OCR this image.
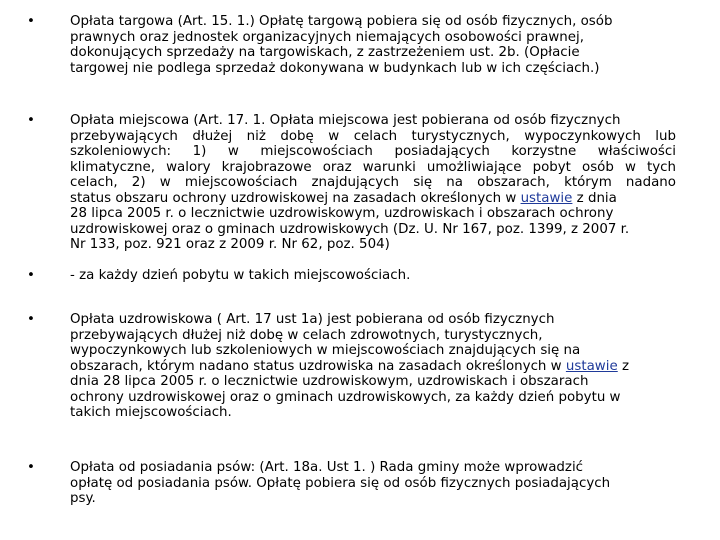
•	Opłata targowa (Art. 15. 1.) Opłatę targową pobiera się od osób fizycznych, osób
prawnych oraz jednostek organizacyjnych niemających osobowości prawnej,
dokonujących sprzedaży na targowiskach, z zastrzeżeniem ust. 2b. (Opłacie
targowej nie podlega sprzedaż dokonywana w budynkach lub w ich częściach.)
•	Opłata miejscowa (Art. 17. 1. Opłata miejscowa jest pobierana od osób fizycznych
przebywających dłużej niż dobę w celach turystycznych, wypoczynkowych lub
szkoleniowych: 1) w miejscowościach posiadających korzystne właściwości
klimatyczne, walory krajobrazowe oraz warunki umożliwiające pobyt osób w tych
celach, 2) w miejscowościach znajdujących się na obszarach, którym nadano
status obszaru ochrony uzdrowiskowej na zasadach określonych w ustawie z dnia
28 lipca 2005 r. o lecznictwie uzdrowiskowym, uzdrowiskach i obszarach ochrony
uzdrowiskowej oraz o gminach uzdrowiskowych (Dz. U. Nr 167, poz. 1399, z 2007 r.
Nr 133, poz. 921 oraz z 2009 r. Nr 62, poz. 504)
•	- za każdy dzień pobytu w takich miejscowościach.
•	Opłata uzdrowiskowa ( Art. 17 ust 1a) jest pobierana od osób fizycznych
przebywających dłużej niż dobę w celach zdrowotnych, turystycznych,
wypoczynkowych lub szkoleniowych w miejscowościach znajdujących się na
obszarach, którym nadano status uzdrowiska na zasadach określonych w ustawie z
dnia 28 lipca 2005 r. o lecznictwie uzdrowiskowym, uzdrowiskach i obszarach
ochrony uzdrowiskowej oraz o gminach uzdrowiskowych, za każdy dzień pobytu w
takich miejscowościach.
•	Opłata od posiadania psów: (Art. 18a. Ust 1. ) Rada gminy może wprowadzić
opłatę od posiadania psów. Opłatę pobiera się od osób fizycznych posiadających
psy.
